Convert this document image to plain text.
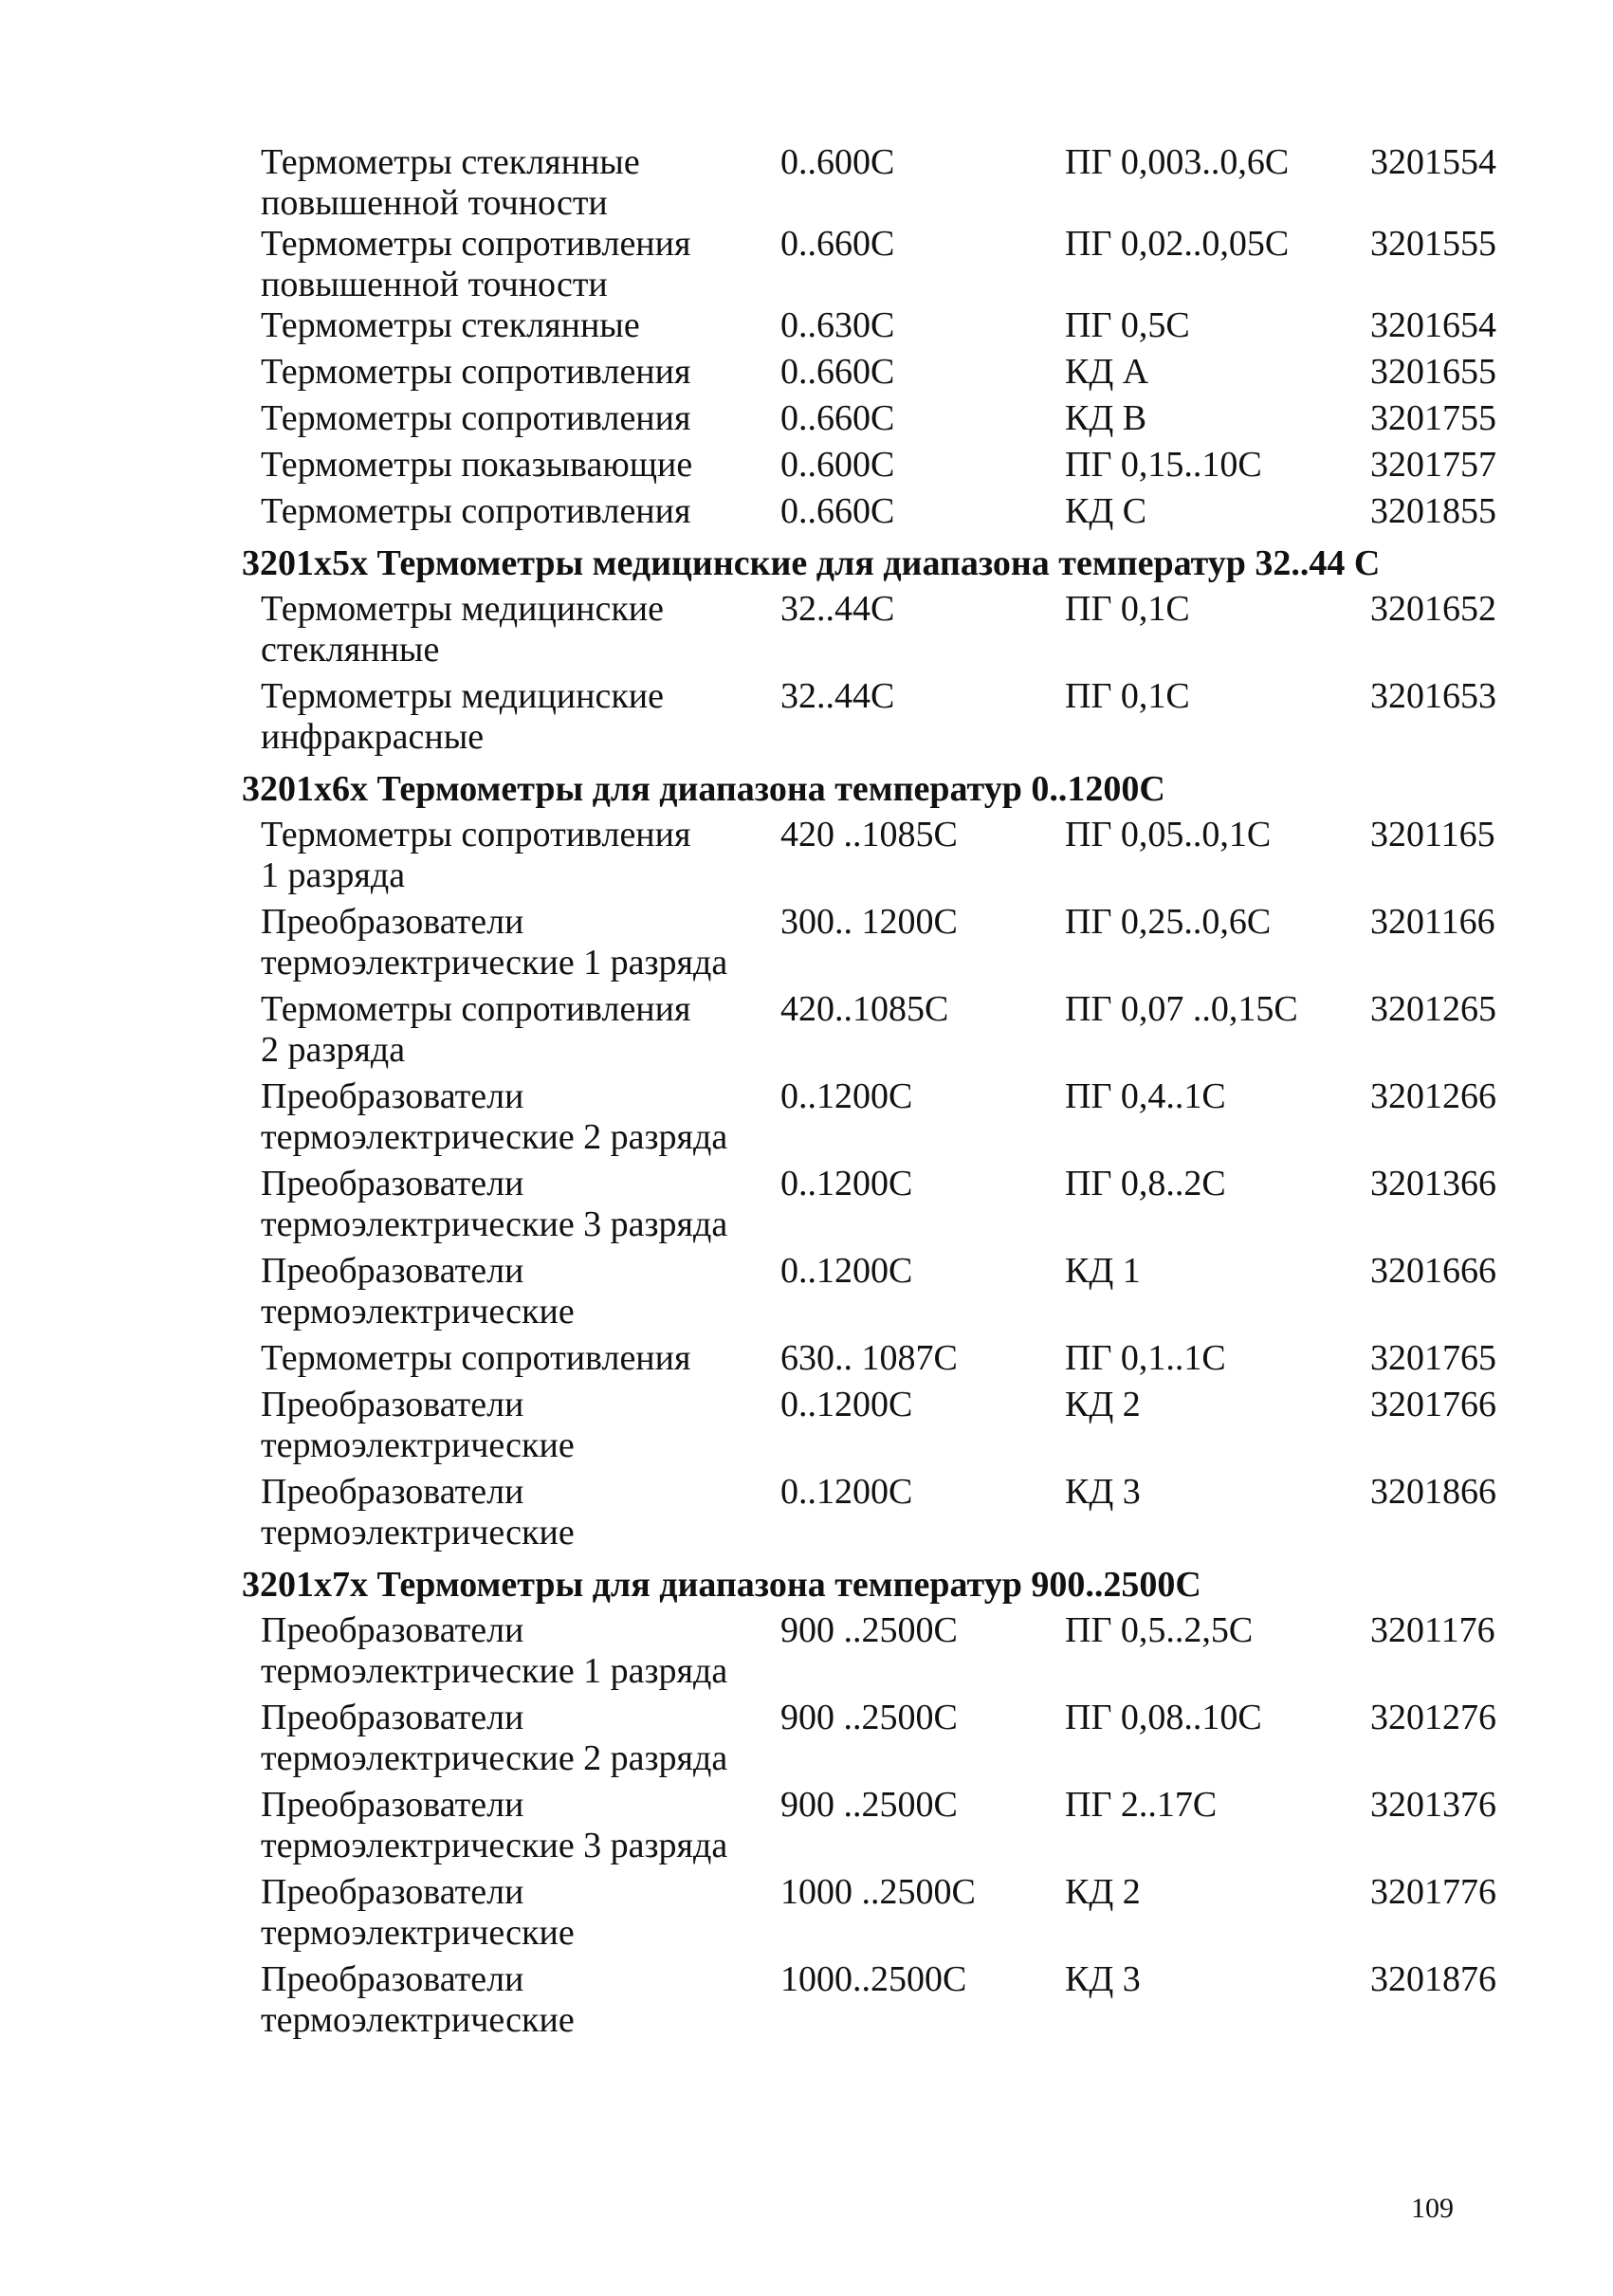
Термометры стеклянные
повышенной точности
0..600С	ПГ 0,003..0,6С	3201554
Термометры сопротивления
повышенной точности
0..660С	ПГ 0,02..0,05С	3201555
Термометры стеклянные	0..630С	ПГ 0,5С	3201654
Термометры сопротивления	0..660С	КД А	3201655
Термометры сопротивления	0..660С	КД В	3201755
Термометры показывающие	0..600С	ПГ 0,15..10С	3201757
Термометры сопротивления	0..660С	КД С	3201855
3201x5x Термометры медицинские для диапазона температур 32..44 С
Термометры медицинские
стеклянные
32..44С	ПГ 0,1С	3201652
Термометры медицинские
инфракрасные
32..44С	ПГ 0,1С	3201653
3201x6x Термометры для диапазона температур 0..1200С
Термометры сопротивления
1 разряда
420 ..1085С	ПГ 0,05..0,1С	3201165
Преобразователи
термоэлектрические 1 разряда
300.. 1200С	ПГ 0,25..0,6С	3201166
Термометры сопротивления
2 разряда
420..1085С	ПГ 0,07 ..0,15С	3201265
Преобразователи
термоэлектрические 2 разряда
0..1200С	ПГ 0,4..1С	3201266
Преобразователи
термоэлектрические 3 разряда
0..1200С	ПГ 0,8..2С	3201366
Преобразователи
термоэлектрические
0..1200С	КД 1	3201666
Термометры сопротивления	630.. 1087С	ПГ 0,1..1С	3201765
Преобразователи
термоэлектрические
0..1200С	КД 2	3201766
Преобразователи
термоэлектрические
0..1200С	КД 3	3201866
3201x7x Термометры для диапазона температур 900..2500С
Преобразователи
термоэлектрические 1 разряда
900 ..2500С	ПГ 0,5..2,5С	3201176
Преобразователи
термоэлектрические 2 разряда
900 ..2500С	ПГ 0,08..10С	3201276
Преобразователи
термоэлектрические 3 разряда
900 ..2500С	ПГ 2..17С	3201376
Преобразователи
термоэлектрические
1000 ..2500С	КД 2	3201776
Преобразователи
термоэлектрические
1000..2500С	КД 3	3201876
109
